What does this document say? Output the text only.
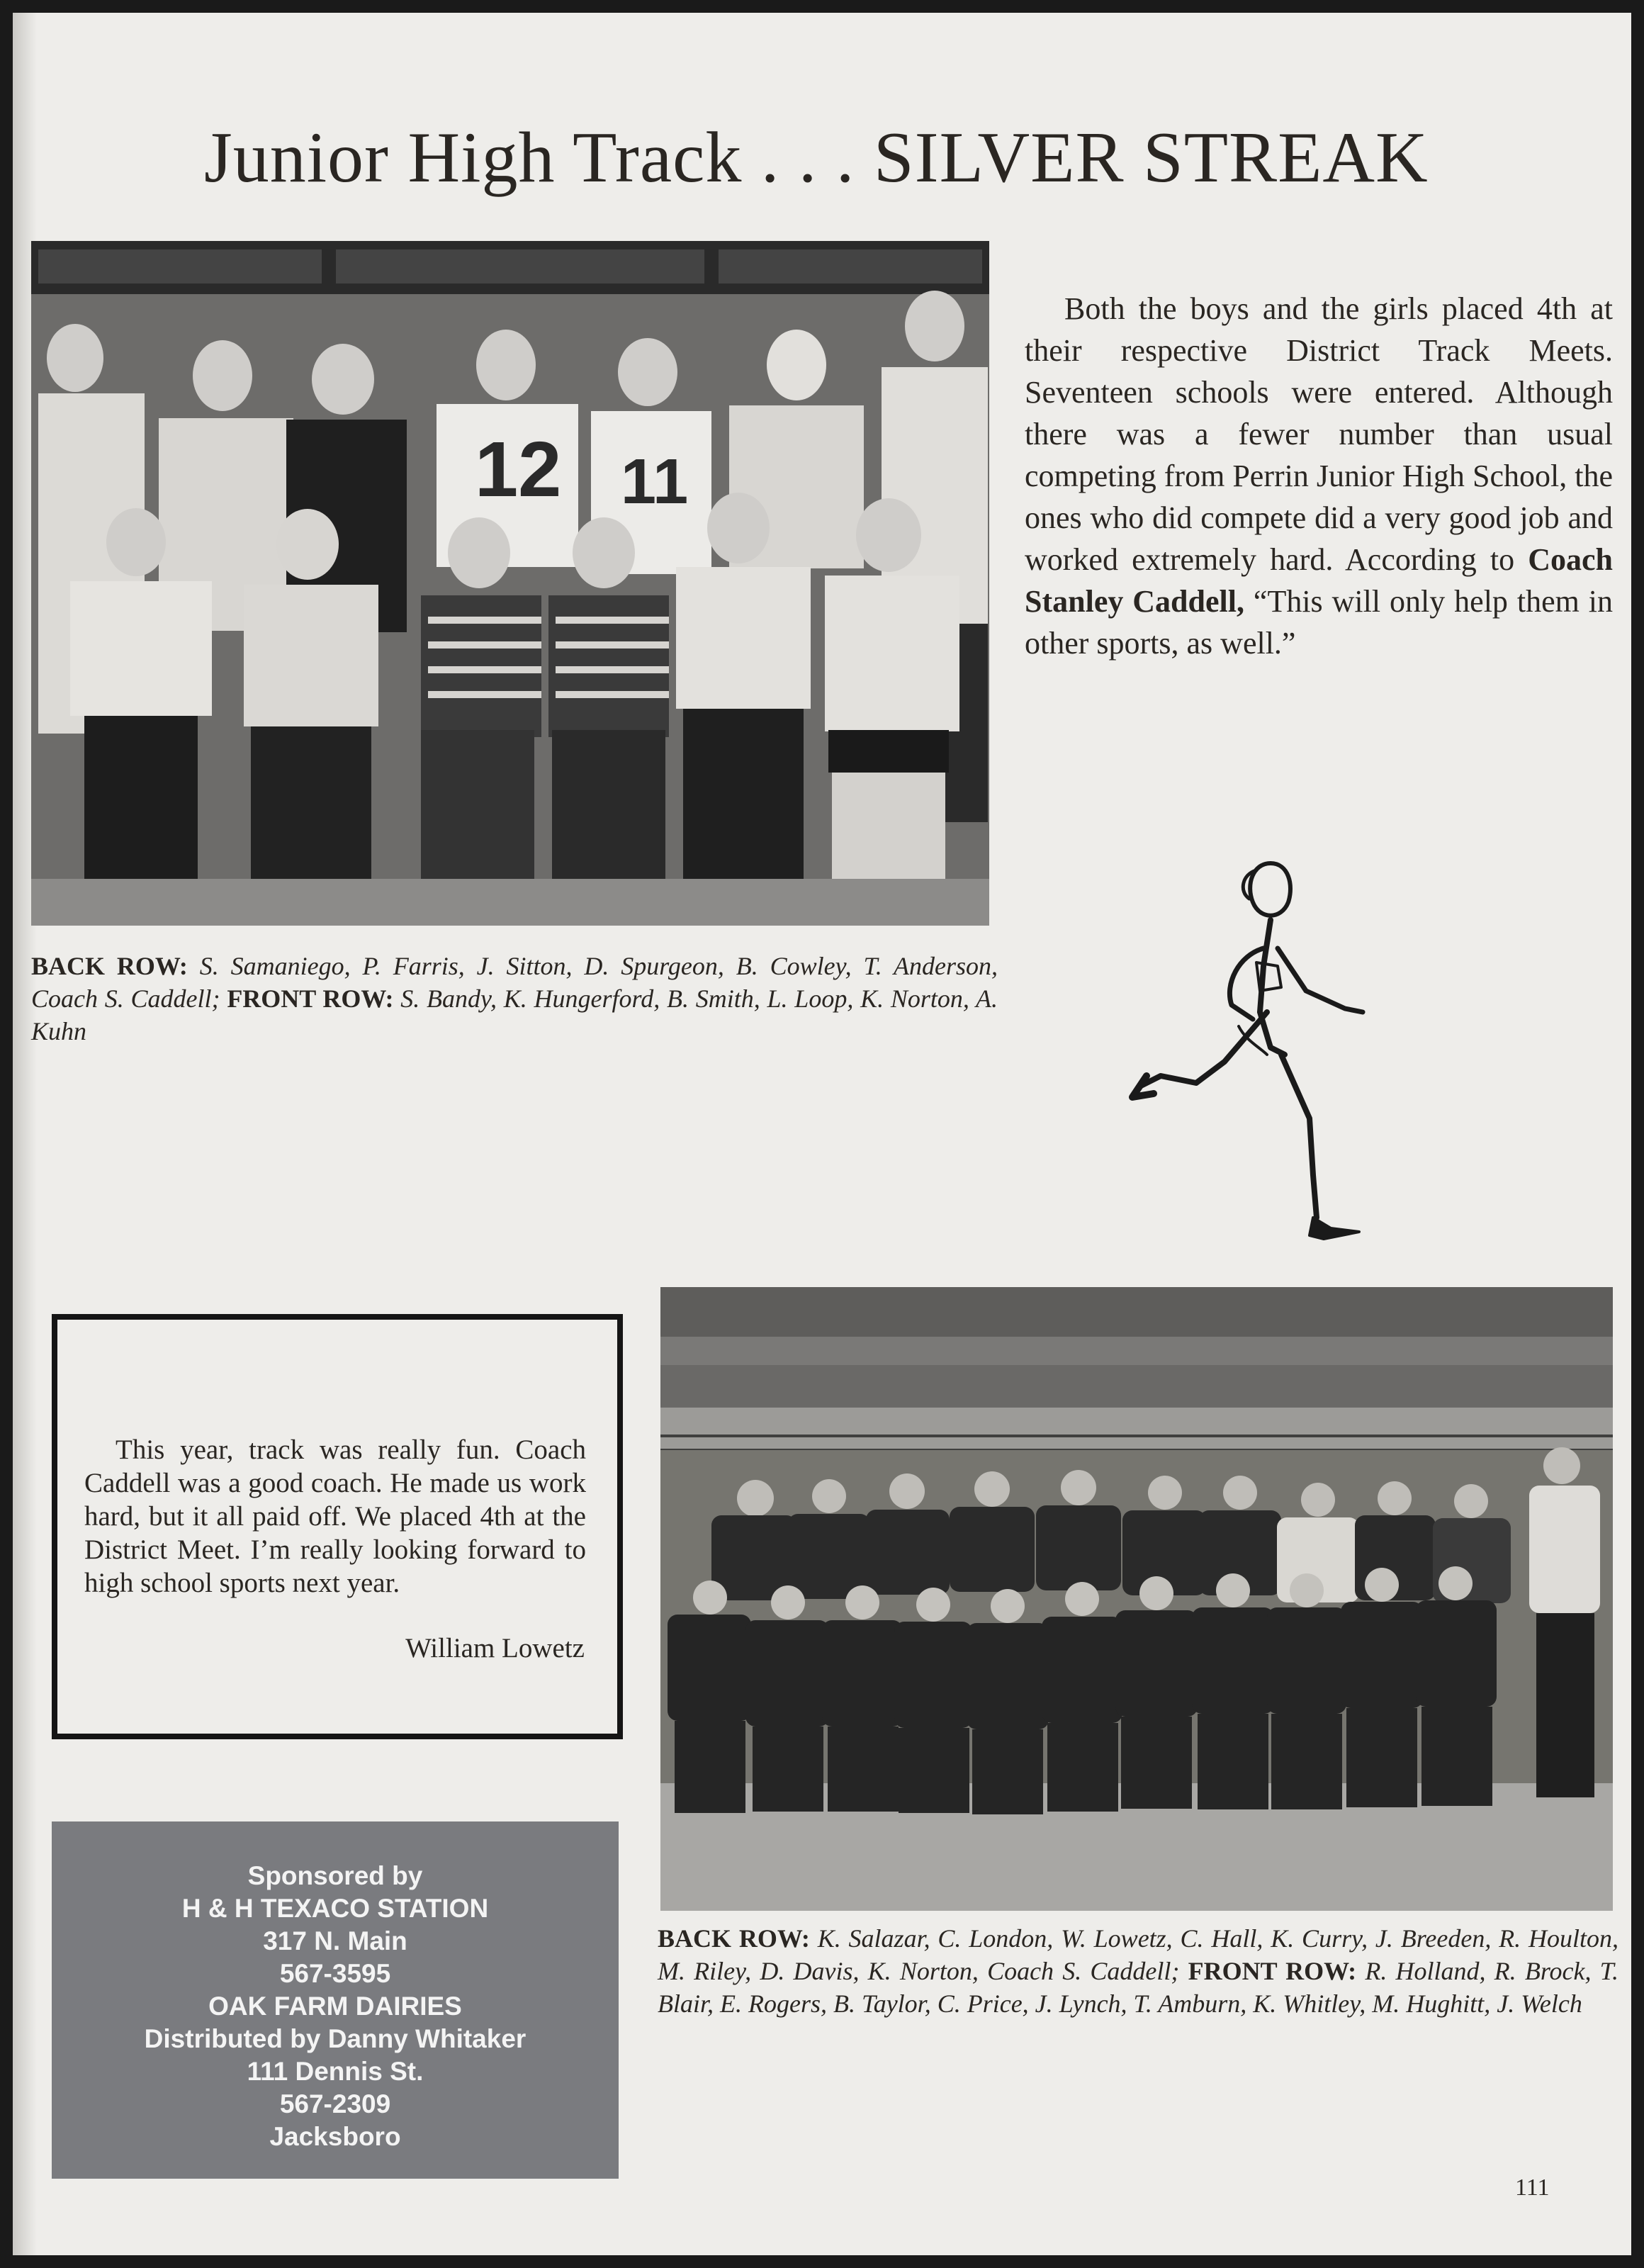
Junior High Track . . . SILVER STREAK
12 11
BACK ROW: S. Samaniego, P. Farris, J. Sitton, D. Spurgeon, B. Cowley, T. Anderson, Coach S. Caddell; FRONT ROW: S. Bandy, K. Hungerford, B. Smith, L. Loop, K. Norton, A. Kuhn
Both the boys and the girls placed 4th at their respective District Track Meets. Seventeen schools were entered. Although there was a fewer number than usual competing from Perrin Junior High School, the ones who did compete did a very good job and worked extremely hard. According to Coach Stanley Caddell, “This will only help them in other sports, as well.”
This year, track was really fun. Coach Caddell was a good coach. He made us work hard, but it all paid off. We placed 4th at the District Meet. I’m really looking forward to high school sports next year.
William Lowetz
BACK ROW: K. Salazar, C. London, W. Lowetz, C. Hall, K. Curry, J. Breeden, R. Houlton, M. Riley, D. Davis, K. Norton, Coach S. Caddell; FRONT ROW: R. Holland, R. Brock, T. Blair, E. Rogers, B. Taylor, C. Price, J. Lynch, T. Amburn, K. Whitley, M. Hughitt, J. Welch
Sponsored by
H & H TEXACO STATION
317 N. Main
567-3595
OAK FARM DAIRIES
Distributed by Danny Whitaker
111 Dennis St.
567-2309
Jacksboro
111
